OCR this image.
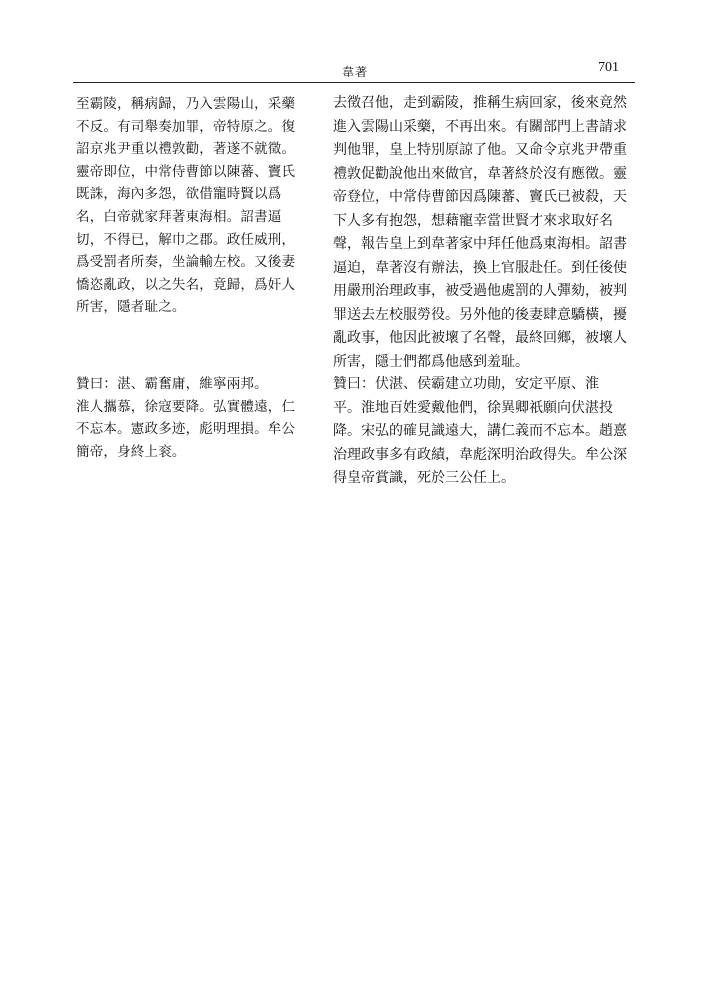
韋著	701

至霸陵，稱病歸，乃入雲陽山，采藥
不反。有司舉奏加罪，帝特原之。復
詔京兆尹重以禮敦勸，著遂不就徵。
靈帝即位，中常侍曹節以陳蕃、竇氏
既誅，海內多怨，欲借寵時賢以爲
名，白帝就家拜著東海相。詔書逼
切，不得已，解巾之郡。政任威刑，
爲受罰者所奏，坐論輸左校。又後妻
憍恣亂政，以之失名，竟歸，爲奸人
所害，隱者耻之。

去徵召他，走到霸陵，推稱生病回家，後來竟然
進入雲陽山采藥，不再出來。有關部門上書請求
判他罪，皇上特別原諒了他。又命令京兆尹帶重
禮敦促勸說他出來做官，韋著終於沒有應徵。靈
帝登位，中常侍曹節因爲陳蕃、竇氏已被殺，天
下人多有抱怨，想藉寵幸當世賢才來求取好名
聲，報告皇上到韋著家中拜任他爲東海相。詔書
逼迫，韋著沒有辦法，換上官服赴任。到任後使
用嚴刑治理政事，被受過他處罰的人彈劾，被判
罪送去左校服勞役。另外他的後妻肆意驕橫，擾
亂政事，他因此被壞了名聲，最終回鄉，被壞人
所害，隱士們都爲他感到羞耻。

贊曰：湛、霸奮庸，維寧兩邦。
淮人攜慕，徐寇要降。弘實體遠，仁
不忘本。憲政多迹，彪明理損。牟公
簡帝，身終上衮。

贊曰：伏湛、侯霸建立功勛，安定平原、淮
平。淮地百姓愛戴他們，徐異卿祇願向伏湛投
降。宋弘的確見識遠大，講仁義而不忘本。趙憙
治理政事多有政績，韋彪深明治政得失。牟公深
得皇帝賞識，死於三公任上。
